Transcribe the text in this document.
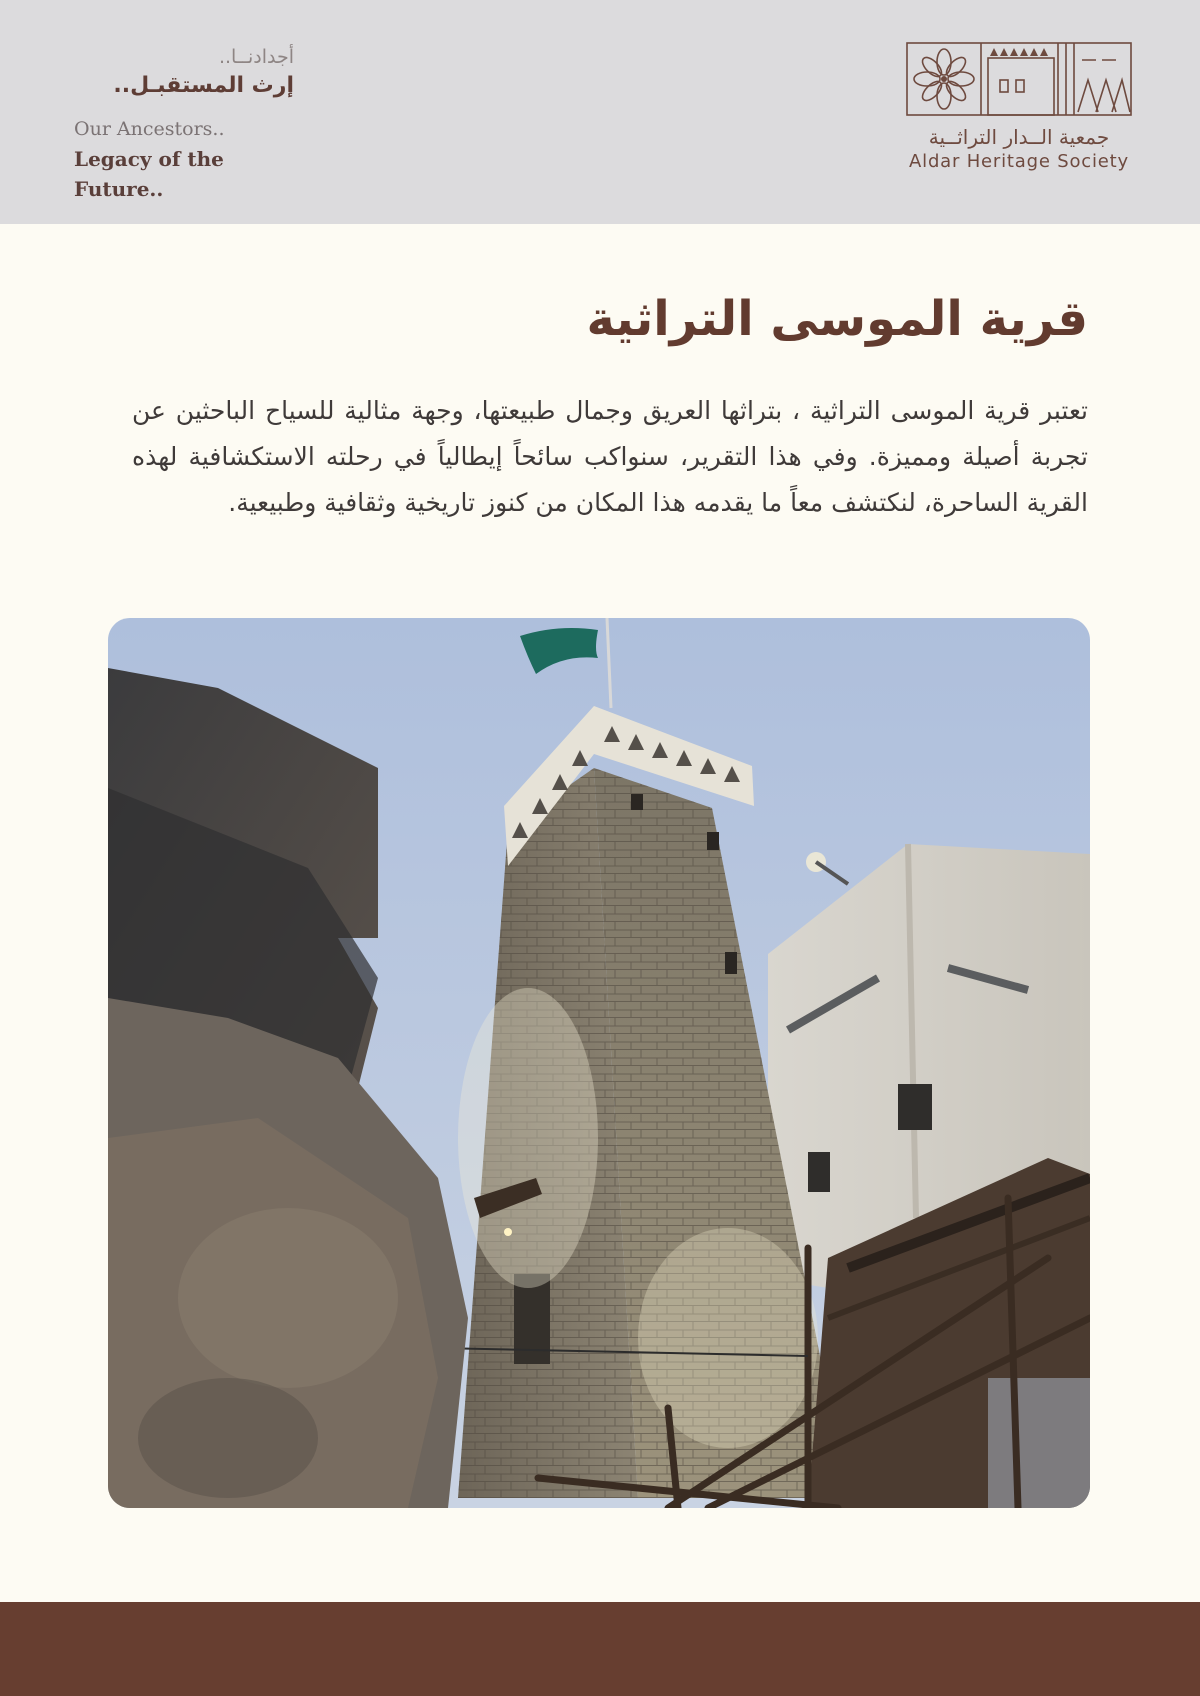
أجدادنــا..
إرث المستقبـل..
Our Ancestors..
Legacy of the Future..
جمعية الــدار التراثــية
Aldar Heritage Society
قرية الموسى التراثية

تعتبر قرية الموسى التراثية ، بتراثها العريق وجمال طبيعتها، وجهة مثالية للسياح الباحثين عن تجربة أصيلة ومميزة. وفي هذا التقرير، سنواكب سائحاً إيطالياً في رحلته الاستكشافية لهذه القرية الساحرة، لنكتشف معاً ما يقدمه هذا المكان من كنوز تاريخية وثقافية وطبيعية.
